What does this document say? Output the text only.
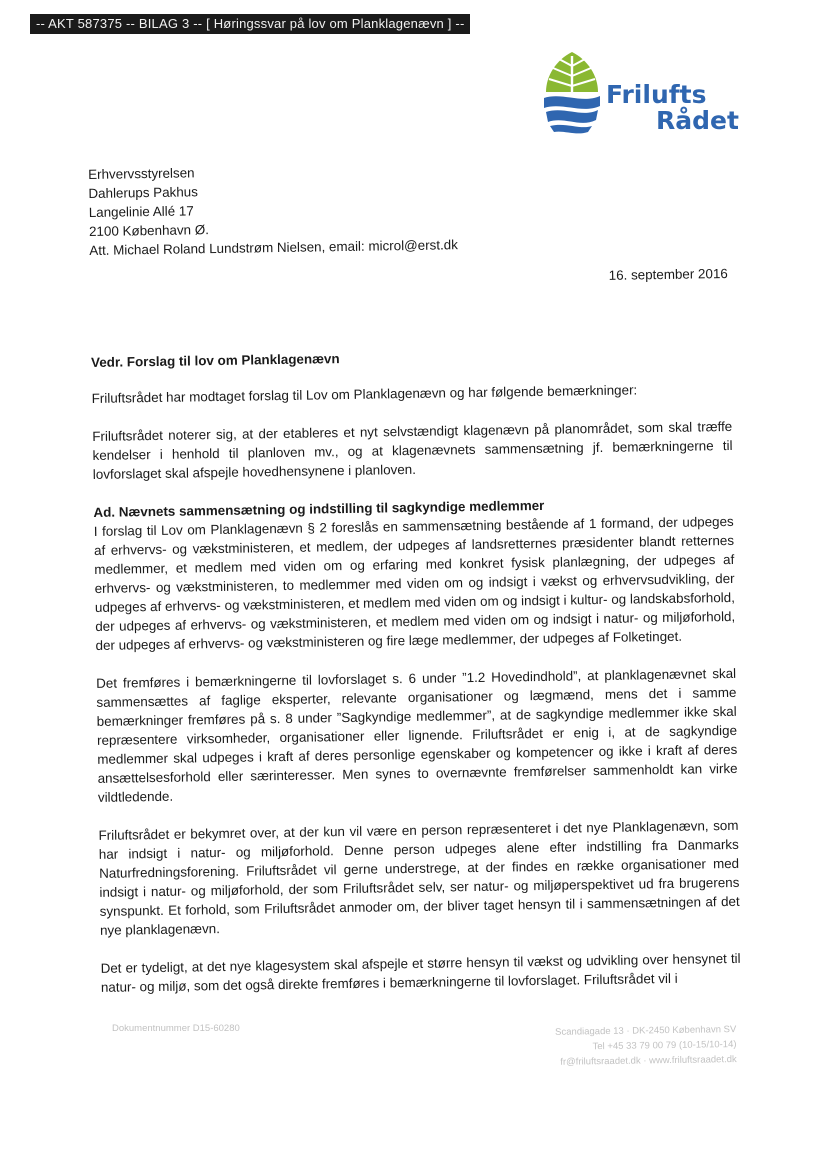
-- AKT 587375 -- BILAG 3 -- [ Høringssvar på lov om Planklagenævn ] --
Frilufts
Rådet
Erhvervsstyrelsen
Dahlerups Pakhus
Langelinie Allé 17
2100 København Ø.
Att. Michael Roland Lundstrøm Nielsen, email: microl@erst.dk
16. september 2016
Vedr. Forslag til lov om Planklagenævn

Friluftsrådet har modtaget forslag til Lov om Planklagenævn og har følgende bemærkninger:

Friluftsrådet noterer sig, at der etableres et nyt selvstændigt klagenævn på planområdet, som skal træffe kendelser i henhold til planloven mv., og at klagenævnets sammensætning jf. bemærkningerne til lovforslaget skal afspejle hovedhensynene i planloven.

Ad. Nævnets sammensætning og indstilling til sagkyndige medlemmer

I forslag til Lov om Planklagenævn § 2 foreslås en sammensætning bestående af 1 formand, der udpeges af erhvervs- og vækstministeren, et medlem, der udpeges af landsretternes præsidenter blandt retternes medlemmer, et medlem med viden om og erfaring med konkret fysisk planlægning, der udpeges af erhvervs- og vækstministeren, to medlemmer med viden om og indsigt i vækst og erhvervsudvikling, der udpeges af erhvervs- og vækstministeren, et medlem med viden om og indsigt i kultur- og landskabsforhold, der udpeges af erhvervs- og vækstministeren, et medlem med viden om og indsigt i natur- og miljøforhold, der udpeges af erhvervs- og vækstministeren og fire læge medlemmer, der udpeges af Folketinget.

Det fremføres i bemærkningerne til lovforslaget s. 6 under ”1.2 Hovedindhold”, at planklagenævnet skal sammensættes af faglige eksperter, relevante organisationer og lægmænd, mens det i samme bemærkninger fremføres på s. 8 under ”Sagkyndige medlemmer”, at de sagkyndige medlemmer ikke skal repræsentere virksomheder, organisationer eller lignende. Friluftsrådet er enig i, at de sagkyndige medlemmer skal udpeges i kraft af deres personlige egenskaber og kompetencer og ikke i kraft af deres ansættelsesforhold eller særinteresser. Men synes to overnævnte fremførelser sammenholdt kan virke vildtledende.

Friluftsrådet er bekymret over, at der kun vil være en person repræsenteret i det nye Planklagenævn, som har indsigt i natur- og miljøforhold. Denne person udpeges alene efter indstilling fra Danmarks Naturfredningsforening. Friluftsrådet vil gerne understrege, at der findes en række organisationer med indsigt i natur- og miljøforhold, der som Friluftsrådet selv, ser natur- og miljøperspektivet ud fra brugerens synspunkt. Et forhold, som Friluftsrådet anmoder om, der bliver taget hensyn til i sammensætningen af det nye planklagenævn.

Det er tydeligt, at det nye klagesystem skal afspejle et større hensyn til vækst og udvikling over hensynet til natur- og miljø, som det også direkte fremføres i bemærkningerne til lovforslaget. Friluftsrådet vil i

Dokumentnummer D15-60280	Scandiagade 13 · DK-2450 København SV
Tel +45 33 79 00 79 (10-15/10-14)
fr@friluftsraadet.dk · www.friluftsraadet.dk
